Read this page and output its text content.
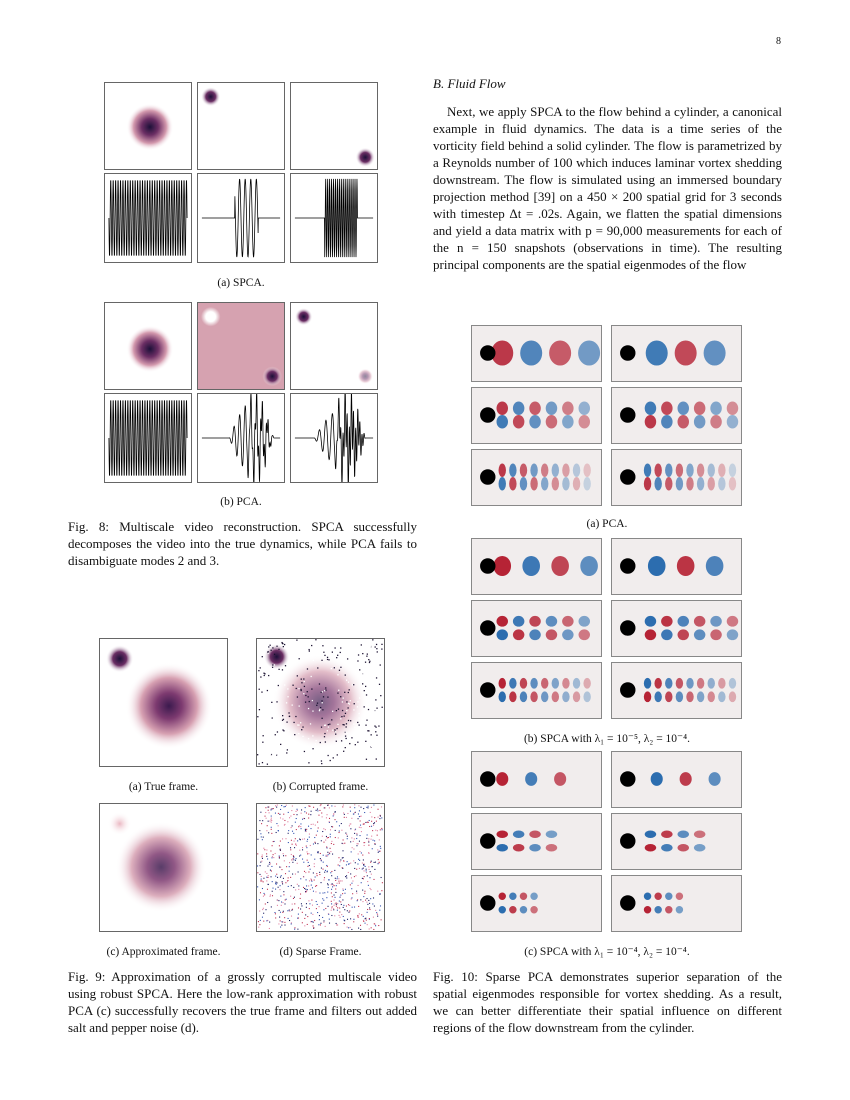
8
(a) SPCA.
(b) PCA.
Fig. 8: Multiscale video reconstruction. SPCA successfully decomposes the video into the true dynamics, while PCA fails to disambiguate modes 2 and 3.
(a) True frame.	(b) Corrupted frame.
(c) Approximated frame.	(d) Sparse Frame.
Fig. 9: Approximation of a grossly corrupted multiscale video using robust SPCA. Here the low-rank approximation with robust PCA (c) successfully recovers the true frame and filters out added salt and pepper noise (d).
B. Fluid Flow

Next, we apply SPCA to the flow behind a cylinder, a canonical example in fluid dynamics. The data is a time series of the vorticity field behind a solid cylinder. The flow is parametrized by a Reynolds number of 100 which induces laminar vortex shedding downstream. The flow is simulated using an immersed boundary projection method [39] on a 450 × 200 spatial grid for 3 seconds with timestep Δt = .02s. Again, we flatten the spatial dimensions and yield a data matrix with p = 90,000 measurements for each of the n = 150 snapshots (observations in time). The resulting principal components are the spatial eigenmodes of the flow

(a) PCA.
(b) SPCA with λ₁ = 10⁻⁵, λ₂ = 10⁻⁴.
(c) SPCA with λ₁ = 10⁻⁴, λ₂ = 10⁻⁴.
Fig. 10: Sparse PCA demonstrates superior separation of the spatial eigenmodes responsible for vortex shedding. As a result, we can better differentiate their spatial influence on different regions of the flow downstream from the cylinder.
